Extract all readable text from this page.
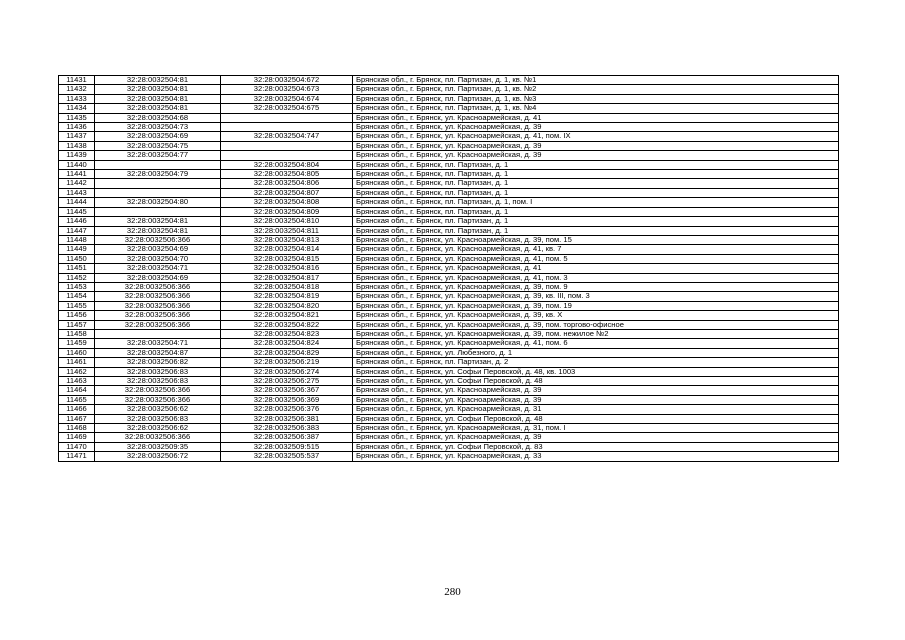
11431	32:28:0032504:81	32:28:0032504:672	Брянская обл., г. Брянск, пл. Партизан, д. 1, кв. №1
11432	32:28:0032504:81	32:28:0032504:673	Брянская обл., г. Брянск, пл. Партизан, д. 1, кв. №2
11433	32:28:0032504:81	32:28:0032504:674	Брянская обл., г. Брянск, пл. Партизан, д. 1, кв. №3
11434	32:28:0032504:81	32:28:0032504:675	Брянская обл., г. Брянск, пл. Партизан, д. 1, кв. №4
11435	32:28:0032504:68		Брянская обл., г. Брянск, ул. Красноармейская, д. 41
11436	32:28:0032504:73		Брянская обл., г. Брянск, ул. Красноармейская, д. 39
11437	32:28:0032504:69	32:28:0032504:747	Брянская обл., г. Брянск, ул. Красноармейская, д. 41, пом. IX
11438	32:28:0032504:75		Брянская обл., г. Брянск, ул. Красноармейская, д. 39
11439	32:28:0032504:77		Брянская обл., г. Брянск, ул. Красноармейская, д. 39
11440		32:28:0032504:804	Брянская обл., г. Брянск, пл. Партизан, д. 1
11441	32:28:0032504:79	32:28:0032504:805	Брянская обл., г. Брянск, пл. Партизан, д. 1
11442		32:28:0032504:806	Брянская обл., г. Брянск, пл. Партизан, д. 1
11443		32:28:0032504:807	Брянская обл., г. Брянск, пл. Партизан, д. 1
11444	32:28:0032504:80	32:28:0032504:808	Брянская обл., г. Брянск, пл. Партизан, д. 1, пом. I
11445		32:28:0032504:809	Брянская обл., г. Брянск, пл. Партизан, д. 1
11446	32:28:0032504:81	32:28:0032504:810	Брянская обл., г. Брянск, пл. Партизан, д. 1
11447	32:28:0032504:81	32:28:0032504:811	Брянская обл., г. Брянск, пл. Партизан, д. 1
11448	32:28:0032506:366	32:28:0032504:813	Брянская обл., г. Брянск, ул. Красноармейская, д. 39, пом. 15
11449	32:28:0032504:69	32:28:0032504:814	Брянская обл., г. Брянск, ул. Красноармейская, д. 41, кв. 7
11450	32:28:0032504:70	32:28:0032504:815	Брянская обл., г. Брянск, ул. Красноармейская, д. 41, пом. 5
11451	32:28:0032504:71	32:28:0032504:816	Брянская обл., г. Брянск, ул. Красноармейская, д. 41
11452	32:28:0032504:69	32:28:0032504:817	Брянская обл., г. Брянск, ул. Красноармейская, д. 41, пом. 3
11453	32:28:0032506:366	32:28:0032504:818	Брянская обл., г. Брянск, ул. Красноармейская, д. 39, пом. 9
11454	32:28:0032506:366	32:28:0032504:819	Брянская обл., г. Брянск, ул. Красноармейская, д. 39, кв. III, пом. 3
11455	32:28:0032506:366	32:28:0032504:820	Брянская обл., г. Брянск, ул. Красноармейская, д. 39, пом. 19
11456	32:28:0032506:366	32:28:0032504:821	Брянская обл., г. Брянск, ул. Красноармейская, д. 39, кв. X
11457	32:28:0032506:366	32:28:0032504:822	Брянская обл., г. Брянск, ул. Красноармейская, д. 39, пом. торгово-офисное
11458		32:28:0032504:823	Брянская обл., г. Брянск, ул. Красноармейская, д. 39, пом. нежилое №2
11459	32:28:0032504:71	32:28:0032504:824	Брянская обл., г. Брянск, ул. Красноармейская, д. 41, пом. 6
11460	32:28:0032504:87	32:28:0032504:829	Брянская обл., г. Брянск, ул. Любезного, д. 1
11461	32:28:0032506:82	32:28:0032506:219	Брянская обл., г. Брянск, пл. Партизан, д. 2
11462	32:28:0032506:83	32:28:0032506:274	Брянская обл., г. Брянск, ул. Софьи Перовской, д. 48, кв. 1003
11463	32:28:0032506:83	32:28:0032506:275	Брянская обл., г. Брянск, ул. Софьи Перовской, д. 48
11464	32:28:0032506:366	32:28:0032506:367	Брянская обл., г. Брянск, ул. Красноармейская, д. 39
11465	32:28:0032506:366	32:28:0032506:369	Брянская обл., г. Брянск, ул. Красноармейская, д. 39
11466	32:28:0032506:62	32:28:0032506:376	Брянская обл., г. Брянск, ул. Красноармейская, д. 31
11467	32:28:0032506:83	32:28:0032506:381	Брянская обл., г. Брянск, ул. Софьи Перовской, д. 48
11468	32:28:0032506:62	32:28:0032506:383	Брянская обл., г. Брянск, ул. Красноармейская, д. 31, пом. I
11469	32:28:0032506:366	32:28:0032506:387	Брянская обл., г. Брянск, ул. Красноармейская, д. 39
11470	32:28:0032509:35	32:28:0032509:515	Брянская обл., г. Брянск, ул. Софьи Перовской, д. 83
11471	32:28:0032506:72	32:28:0032505:537	Брянская обл., г. Брянск, ул. Красноармейская, д. 33
280
